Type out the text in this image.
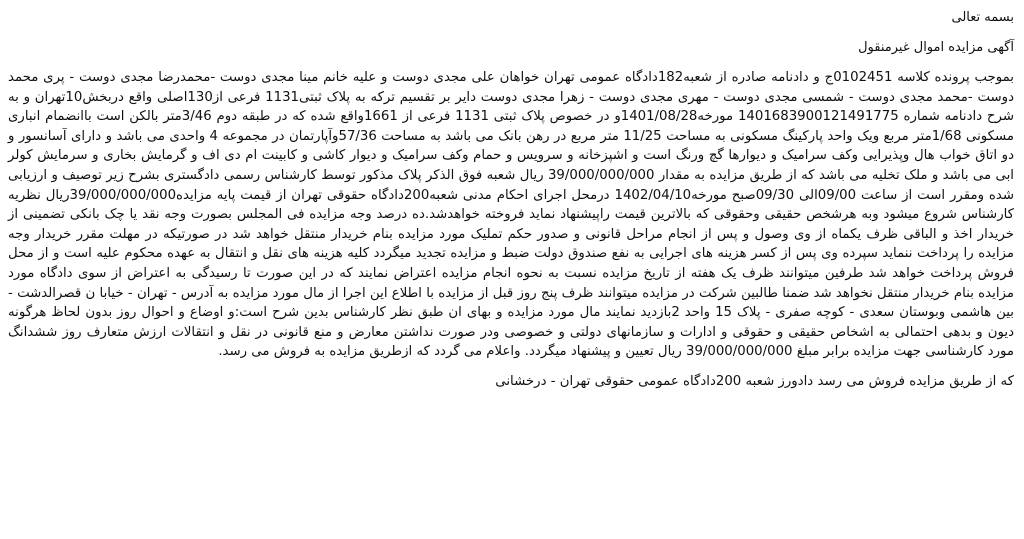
بسمه تعالی

آگهی مزایده اموال غیرمنقول

بموجب پرونده کلاسه 0102451ج و دادنامه صادره از شعبه182دادگاه عمومی تهران خواهان علی مجدی دوست و علیه خانم مینا مجدی دوست -محمدرضا مجدی دوست - پری محمد دوست -محمد مجدی دوست - شمسی مجدی دوست - مهری مجدی دوست - زهرا مجدی دوست دایر بر تقسیم ترکه به پلاک ثبتی1131 فرعی از130اصلی واقع دربخش10تهران و به شرح دادنامه شماره 140168390012149177‌5 مورخه1401/08/28و در خصوص پلاک ثبتی 1131 فرعی از 1661واقع شده که در طبقه دوم 3/46متر بالکن است باانضمام انباری مسکونی 1/68متر مربع ویک واحد پارکینگ مسکونی به مساحت 11/25 متر مربع در رهن بانک می باشد به مساحت 57/36وآپارتمان در مجموعه 4 واحدی می باشد و دارای آسانسور و دو اتاق خواب هال وپذیرایی وکف سرامیک و دیوارها گچ ورنگ است و اشپزخانه و سرویس و حمام وکف سرامیک و دیوار کاشی و کابینت ام دی اف و گرمایش بخاری و سرمایش کولر ابی می باشد و ملک تخلیه می باشد که از طریق مزایده به مقدار 39/000/000/000 ریال شعبه فوق الذکر پلاک مذکور توسط کارشناس رسمی دادگستری بشرح زیر توصیف و ارزیابی شده ومقرر است از ساعت 09/00الی 09/30صبح مورخه1402/04/10 درمحل اجرای احکام مدنی شعبه200دادگاه حقوقی تهران از قیمت پایه مزایده39/000/000/000ریال نظریه کارشناس شروع میشود وبه هرشخص حقیقی وحقوقی که بالاترین قیمت راپیشنهاد نماید فروخته خواهدشد.ده درصد وجه مزایده فی المجلس بصورت وجه نقد یا چک بانکی تضمینی از خریدار اخذ و الباقی ظرف یکماه از وی وصول و پس از انجام مراحل قانونی و صدور حکم تملیک مورد مزایده بنام خریدار منتقل خواهد شد در صورتیکه در مهلت مقرر خریدار وجه مزایده را پرداخت ننماید سپرده وی پس از کسر هزینه های اجرایی به نفع صندوق دولت ضبط و مزایده تجدید میگردد کلیه هزینه های نقل و انتقال به عهده محکوم علیه است و از محل فروش پرداخت خواهد شد طرفین میتوانند ظرف یک هفته از تاریخ مزایده نسبت به نحوه انجام مزایده اعتراض نمایند که در این صورت تا رسیدگی به اعتراض از سوی دادگاه مورد مزایده بنام خریدار منتقل نخواهد شد ضمنا طالبین شرکت در مزایده میتوانند ظرف پنج روز قبل از مزایده با اطلاع این اجرا از مال مورد مزایده به آدرس - تهران - خیابا ن قصرالدشت - بین هاشمی وبوستان سعدی - کوچه صفری - پلاک 15 واحد 2بازدید نمایند مال مورد مزایده و بهای ان طبق نظر کارشناس بدین شرح است:و اوضاع و احوال روز بدون لحاظ هرگونه دیون و بدهی احتمالی به اشخاص حقیقی و حقوقی و ادارات و سازمانهای دولتی و خصوصی ودر صورت نداشتن معارض و منع قانونی در نقل و انتقالات ارزش متعارف روز ششدانگ مورد کارشناسی جهت مزایده برابر مبلغ 39/000/000/000 ریال تعیین و پیشنهاد میگردد. واعلام می گردد که ازطریق مزایده به فروش می رسد.

که از طریق مزایده فروش می رسد دادورز شعبه 200دادگاه عمومی حقوقی تهران - درخشانی
